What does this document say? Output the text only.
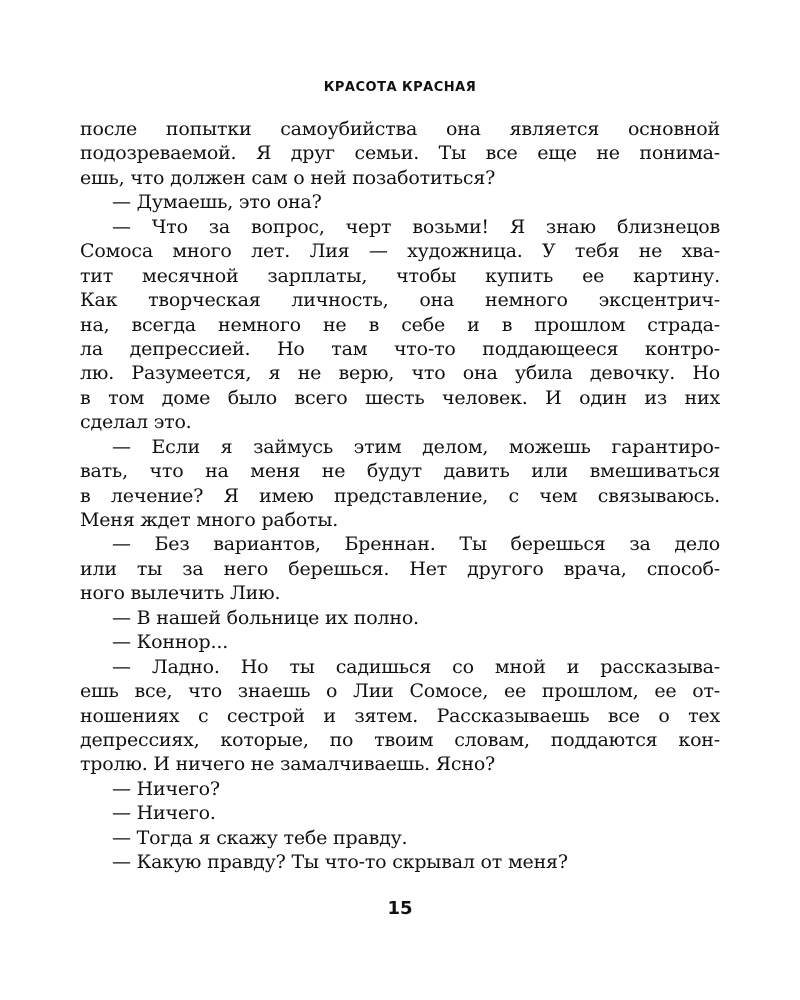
КРАСОТА КРАСНАЯ
после попытки самоубийства она является основной
подозреваемой. Я друг семьи. Ты все еще не понима-
ешь, что должен сам о ней позаботиться?
— Думаешь, это она?
— Что за вопрос, черт возьми! Я знаю близнецов
Сомоса много лет. Лия — художница. У тебя не хва-
тит месячной зарплаты, чтобы купить ее картину.
Как творческая личность, она немного эксцентрич-
на, всегда немного не в себе и в прошлом страда-
ла депрессией. Но там что-то поддающееся контро-
лю. Разумеется, я не верю, что она убила девочку. Но
в том доме было всего шесть человек. И один из них
сделал это.
— Если я займусь этим делом, можешь гарантиро-
вать, что на меня не будут давить или вмешиваться
в лечение? Я имею представление, с чем связываюсь.
Меня ждет много работы.
— Без вариантов, Бреннан. Ты берешься за дело
или ты за него берешься. Нет другого врача, способ-
ного вылечить Лию.
— В нашей больнице их полно.
— Коннор...
— Ладно. Но ты садишься со мной и рассказыва-
ешь все, что знаешь о Лии Сомосе, ее прошлом, ее от-
ношениях с сестрой и зятем. Рассказываешь все о тех
депрессиях, которые, по твоим словам, поддаются кон-
тролю. И ничего не замалчиваешь. Ясно?
— Ничего?
— Ничего.
— Тогда я скажу тебе правду.
— Какую правду? Ты что-то скрывал от меня?
15
